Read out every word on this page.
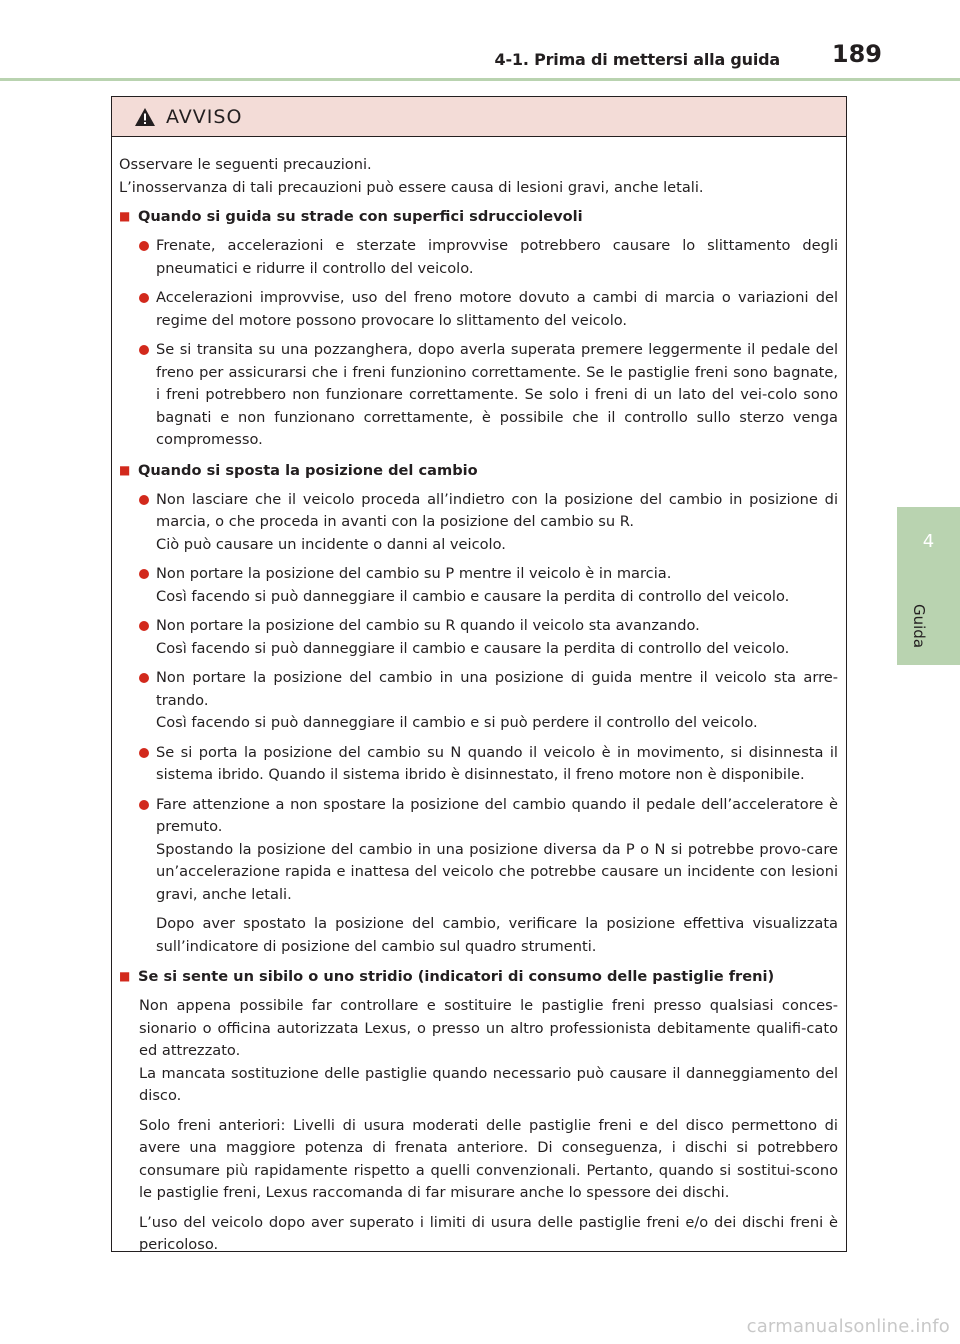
4-1. Prima di mettersi alla guida 189
4
Guida
AVVISO

Osservare le seguenti precauzioni.
L’inosservanza di tali precauzioni può essere causa di lesioni gravi, anche letali.

■ Quando si guida su strade con superfici sdrucciolevoli
Frenate, accelerazioni e sterzate improvvise potrebbero causare lo slittamento degli pneumatici e ridurre il controllo del veicolo.
Accelerazioni improvvise, uso del freno motore dovuto a cambi di marcia o variazioni del regime del motore possono provocare lo slittamento del veicolo.
Se si transita su una pozzanghera, dopo averla superata premere leggermente il pedale del freno per assicurarsi che i freni funzionino correttamente. Se le pastiglie freni sono bagnate, i freni potrebbero non funzionare correttamente. Se solo i freni di un lato del vei-colo sono bagnati e non funzionano correttamente, è possibile che il controllo sullo sterzo venga compromesso.
■ Quando si sposta la posizione del cambio
Non lasciare che il veicolo proceda all’indietro con la posizione del cambio in posizione di marcia, o che proceda in avanti con la posizione del cambio su R.
Ciò può causare un incidente o danni al veicolo.
Non portare la posizione del cambio su P mentre il veicolo è in marcia.
Così facendo si può danneggiare il cambio e causare la perdita di controllo del veicolo.
Non portare la posizione del cambio su R quando il veicolo sta avanzando.
Così facendo si può danneggiare il cambio e causare la perdita di controllo del veicolo.
Non portare la posizione del cambio in una posizione di guida mentre il veicolo sta arre-trando.
Così facendo si può danneggiare il cambio e si può perdere il controllo del veicolo.
Se si porta la posizione del cambio su N quando il veicolo è in movimento, si disinnesta il sistema ibrido. Quando il sistema ibrido è disinnestato, il freno motore non è disponibile.
Fare attenzione a non spostare la posizione del cambio quando il pedale dell’acceleratore è premuto.
Spostando la posizione del cambio in una posizione diversa da P o N si potrebbe provo-care un’accelerazione rapida e inattesa del veicolo che potrebbe causare un incidente con lesioni gravi, anche letali.

Dopo aver spostato la posizione del cambio, verificare la posizione effettiva visualizzata sull’indicatore di posizione del cambio sul quadro strumenti.

■ Se si sente un sibilo o uno stridio (indicatori di consumo delle pastiglie freni)

Non appena possibile far controllare e sostituire le pastiglie freni presso qualsiasi conces-sionario o officina autorizzata Lexus, o presso un altro professionista debitamente qualifi-cato ed attrezzato.
La mancata sostituzione delle pastiglie quando necessario può causare il danneggiamento del disco.

Solo freni anteriori: Livelli di usura moderati delle pastiglie freni e del disco permettono di avere una maggiore potenza di frenata anteriore. Di conseguenza, i dischi si potrebbero consumare più rapidamente rispetto a quelli convenzionali. Pertanto, quando si sostitui-scono le pastiglie freni, Lexus raccomanda di far misurare anche lo spessore dei dischi.

L’uso del veicolo dopo aver superato i limiti di usura delle pastiglie freni e/o dei dischi freni è pericoloso.

carmanualsonline.info
